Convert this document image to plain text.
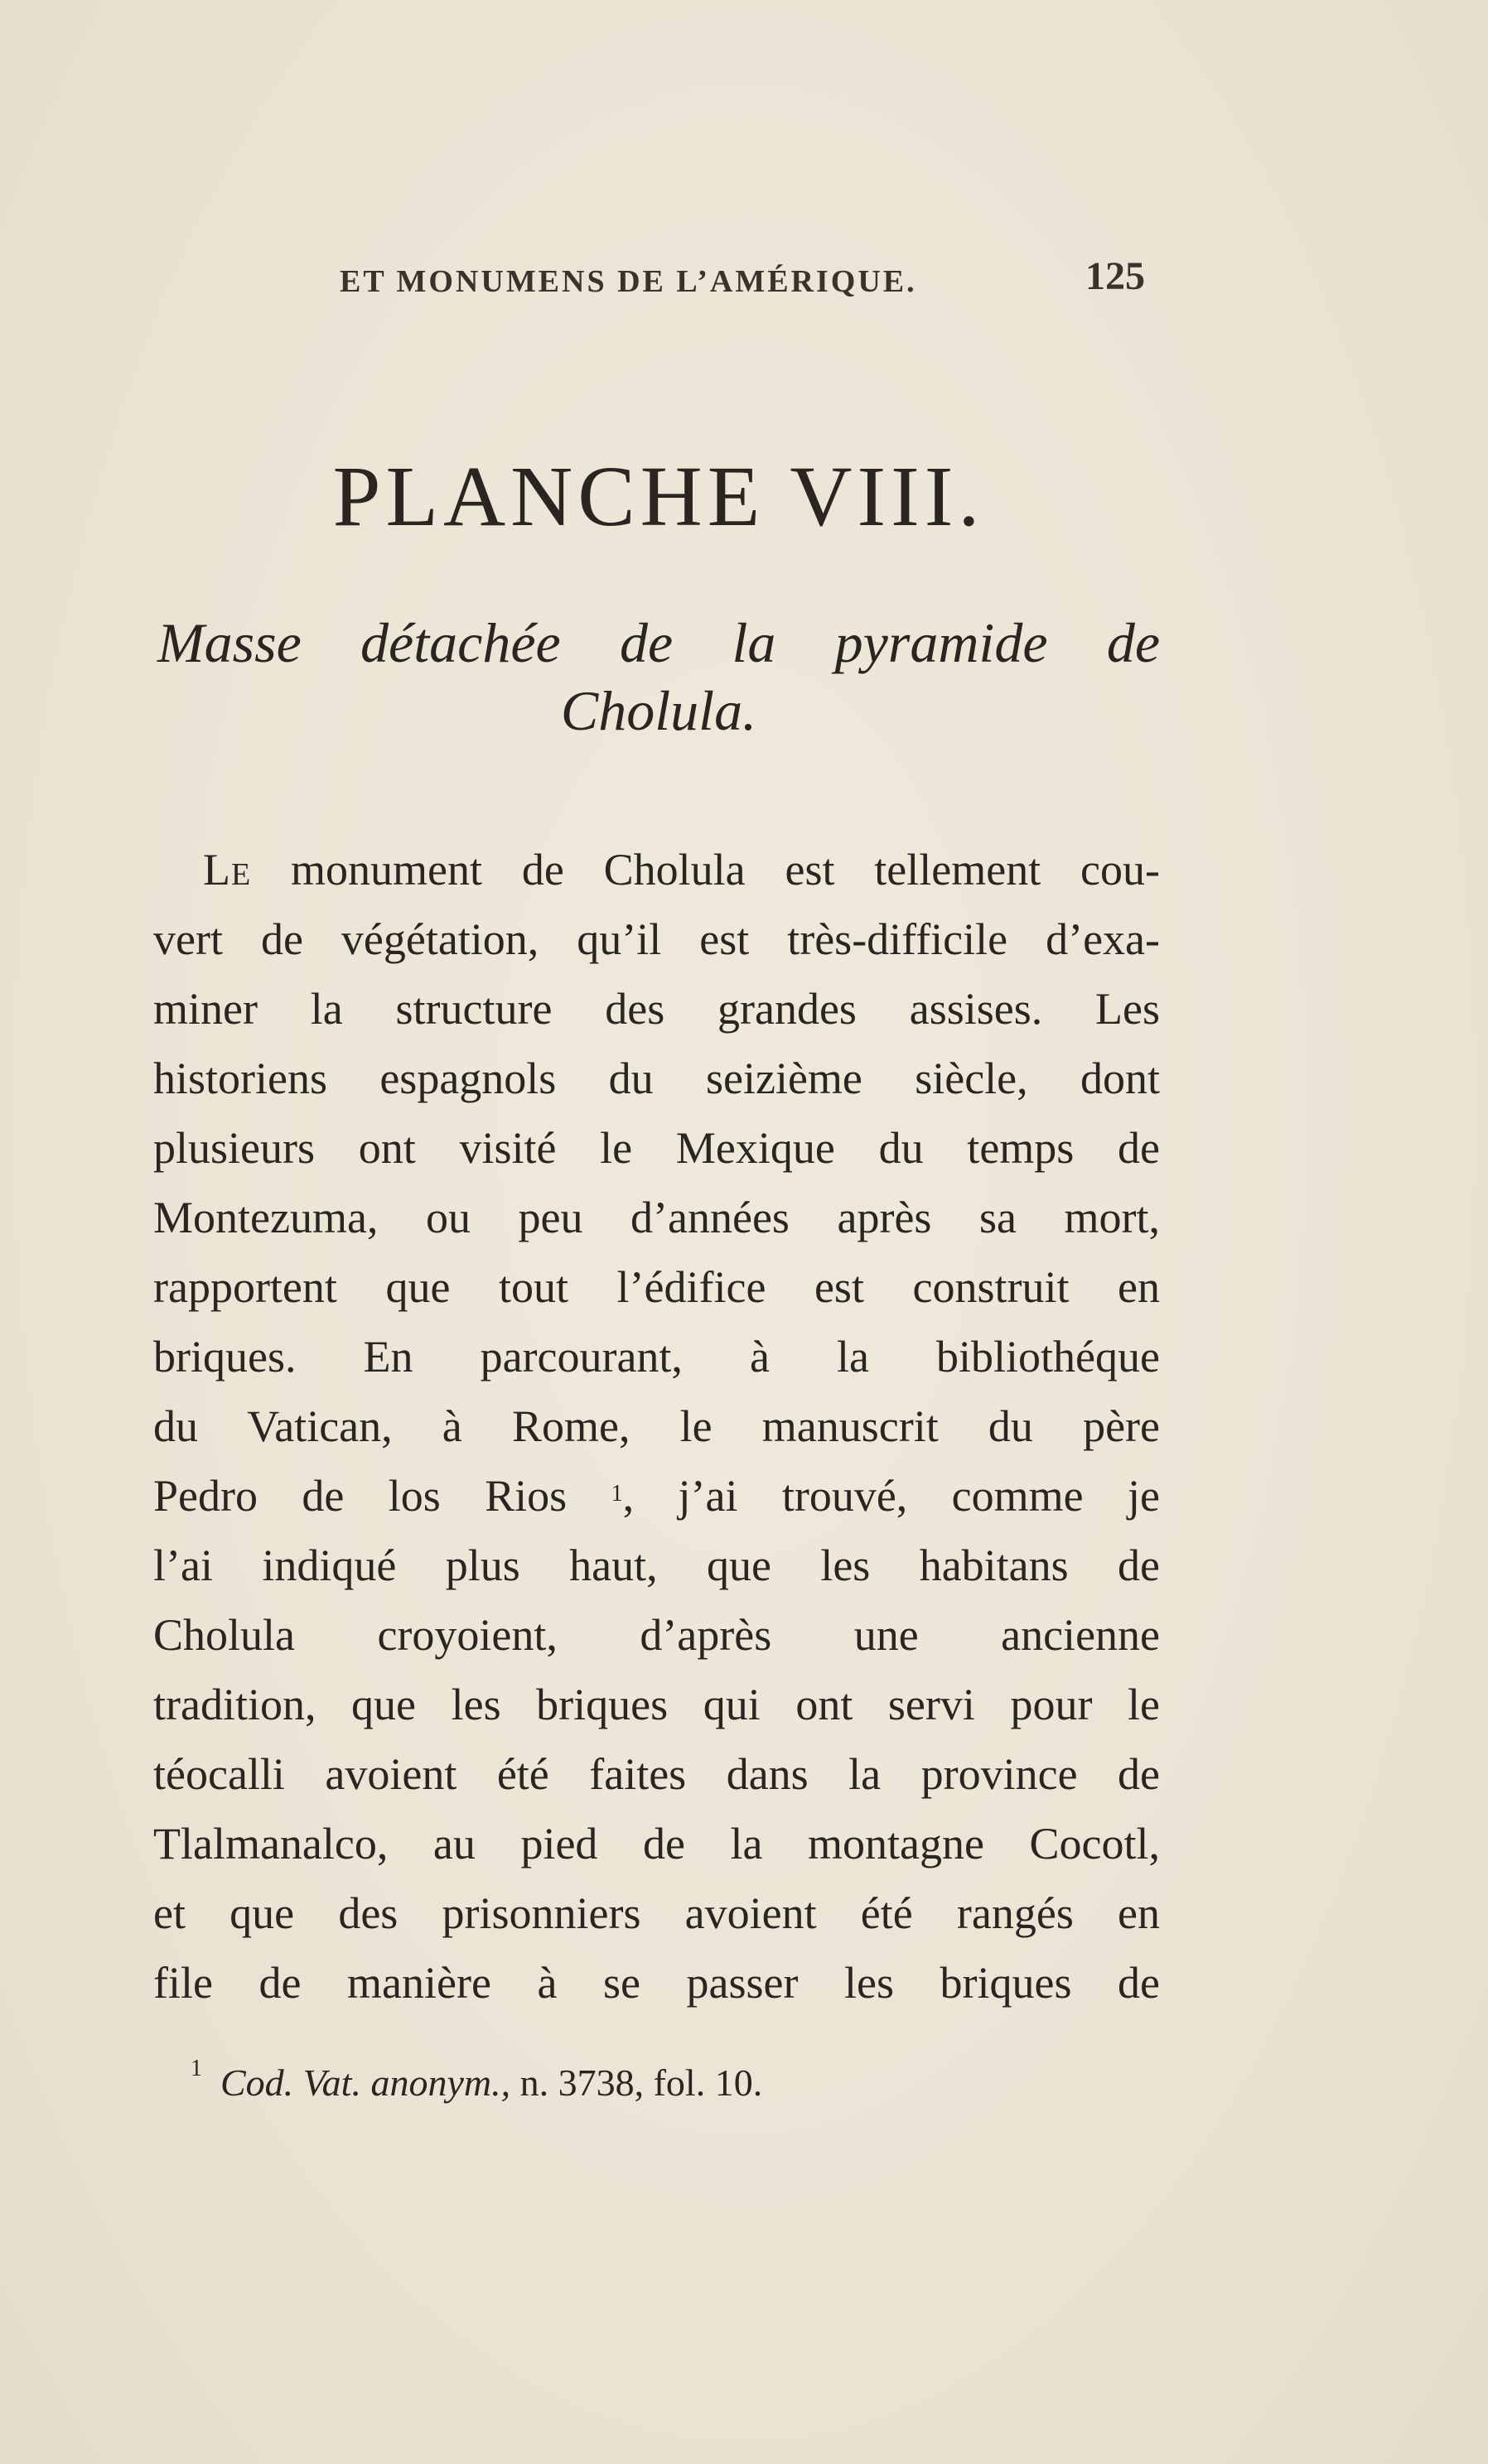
ET MONUMENS DE L’AMÉRIQUE.	125
PLANCHE VIII.
Masse détachée de la pyramide de
Cholula.
Le monument de Cholula est tellement cou-
vert de végétation, qu’il est très-difficile d’exa-
miner la structure des grandes assises. Les
historiens espagnols du seizième siècle, dont
plusieurs ont visité le Mexique du temps de
Montezuma, ou peu d’années après sa mort,
rapportent que tout l’édifice est construit en
briques. En parcourant, à la bibliothéque
du Vatican, à Rome, le manuscrit du père
Pedro de los Rios $^1$, j’ai trouvé, comme je
l’ai indiqué plus haut, que les habitans de
Cholula croyoient, d’après une ancienne
tradition, que les briques qui ont servi pour le
téocalli avoient été faites dans la province de
Tlalmanalco, au pied de la montagne Cocotl,
et que des prisonniers avoient été rangés en
file de manière à se passer les briques de
$^1$ Cod. Vat. anonym., n. 3738, fol. 10.
